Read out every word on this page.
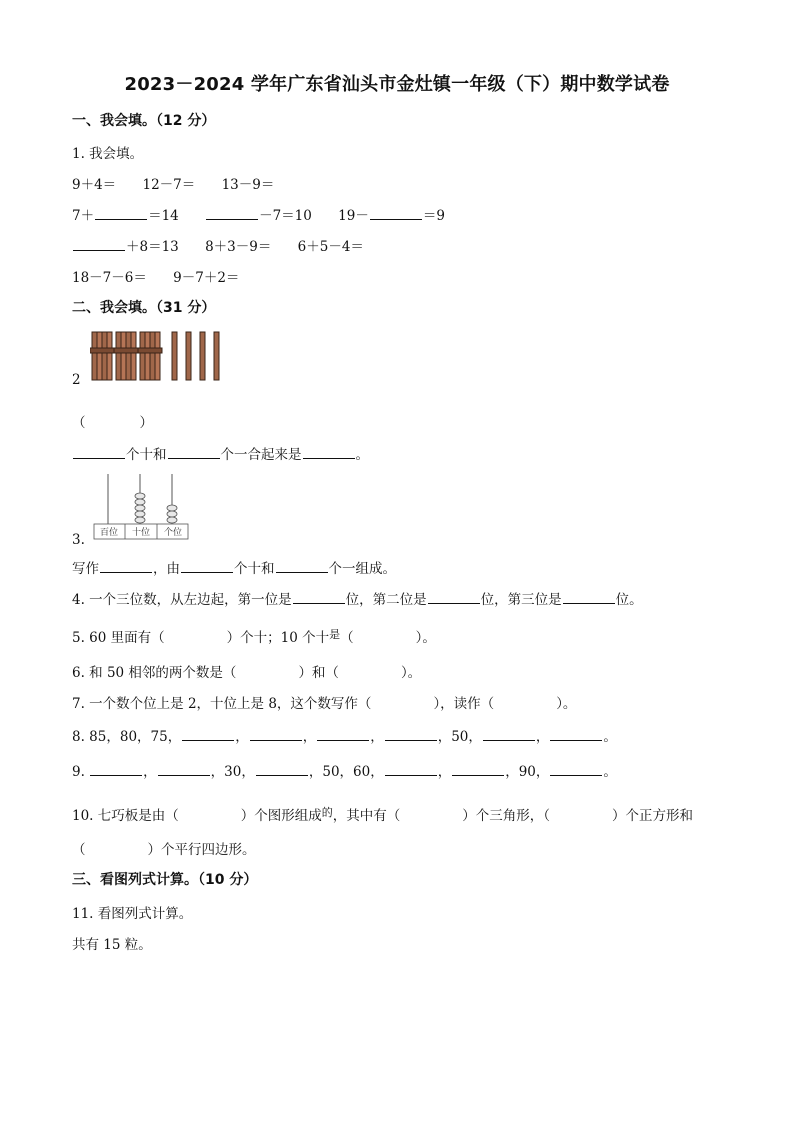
2023－2024 学年广东省汕头市金灶镇一年级（下）期中数学试卷
一、我会填。（12 分）
1. 我会填。
9＋4＝ 12－7＝ 13－9＝
7＋	＝14	－7＝10 19－	＝9
＋8＝13 8＋3－9＝ 6＋5－4＝
18－7－6＝ 9－7＋2＝
二、我会填。（31 分）
2
（　　　　）
个十和	个一合起来是	。
百位 十位 个位
3.
写作	，由	个十和	个一组成。
4. 一个三位数，从左边起，第一位是	位，第二位是	位，第三位是	位。
5. 60 里面有（	）个十；10 个十$^是$（	）。
6. 和 50 相邻的两个数是（	）和（	）。
7. 一个数个位上是 2，十位上是 8，这个数写作（	），读作（	）。
8. 85，80，75，	，	，	，	，50，	，	。
9.	，	，30，	，50，60，	，	，90，	。
10. 七巧板是由（	）个图形组成$^的$，其中有（	）个三角形，（	）个正方形和
（	）个平行四边形。
三、看图列式计算。（10 分）
11. 看图列式计算。
共有 15 粒。
